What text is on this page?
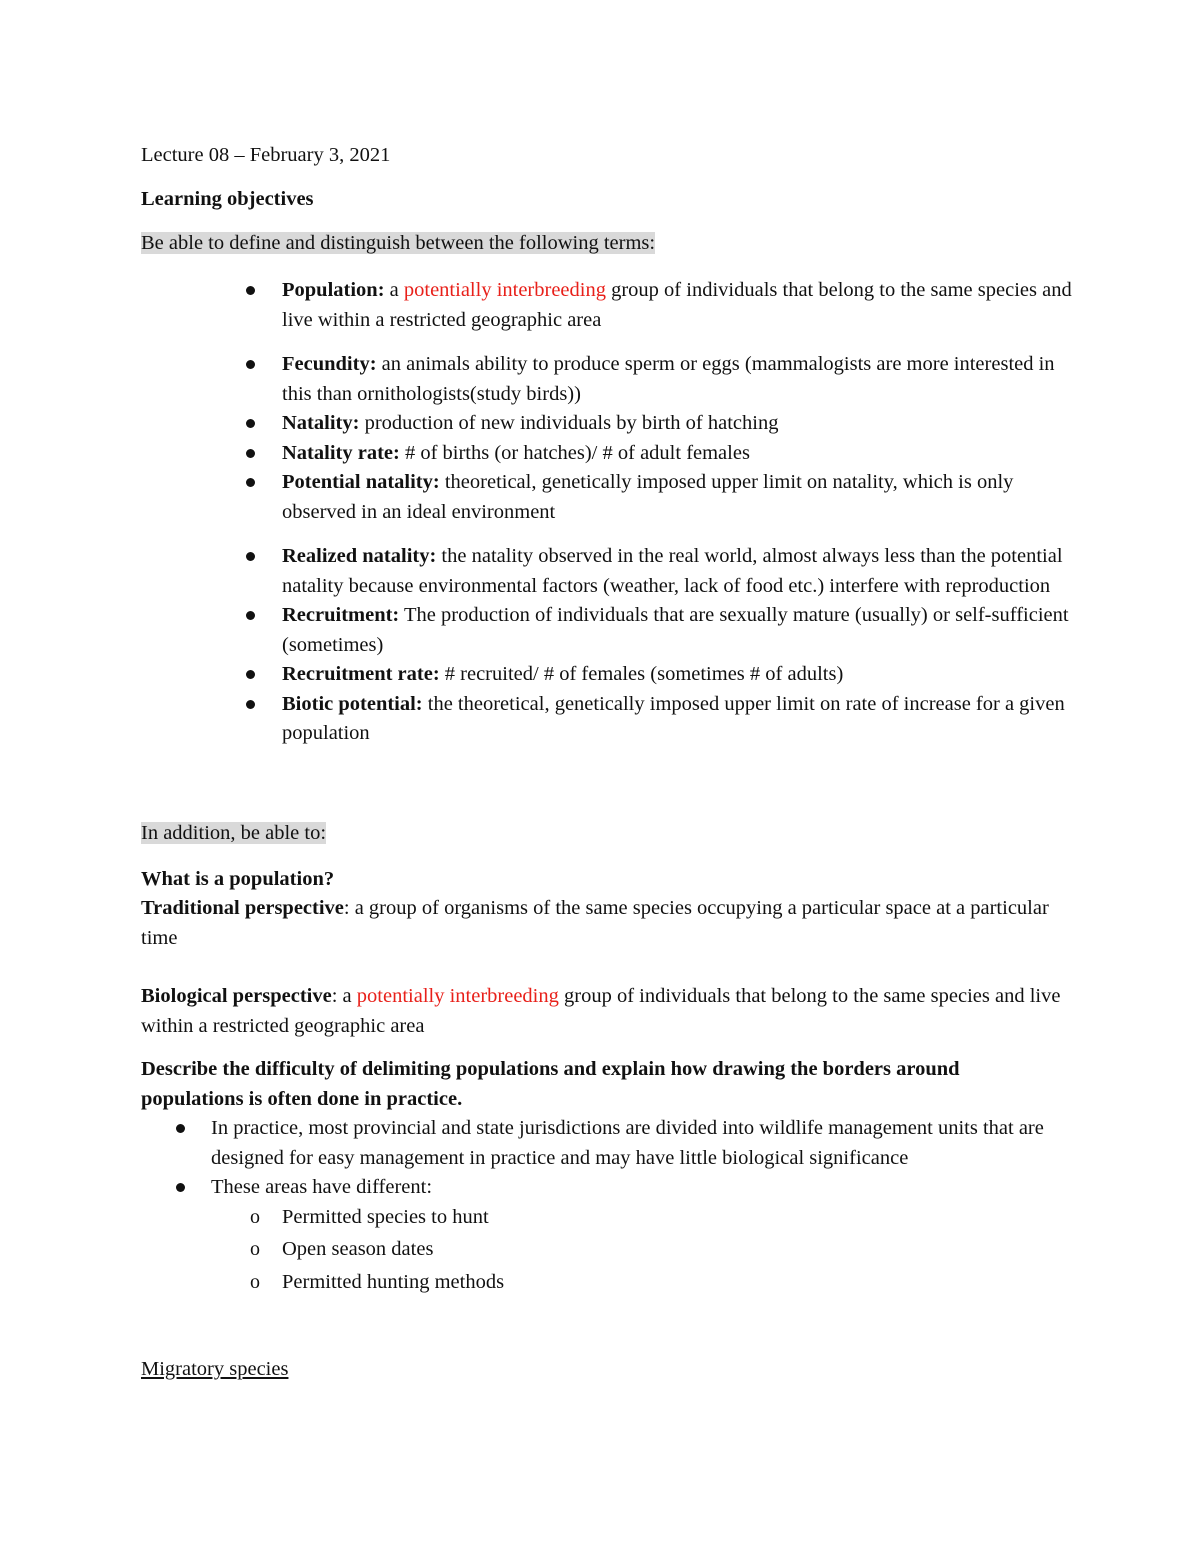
Lecture 08 – February 3, 2021

Learning objectives

Be able to define and distinguish between the following terms:

Population: a potentially interbreeding group of individuals that belong to the same species and live within a restricted geographic area
Fecundity: an animals ability to produce sperm or eggs (mammalogists are more interested in this than ornithologists(study birds))
Natality: production of new individuals by birth of hatching
Natality rate: # of births (or hatches)/ # of adult females
Potential natality: theoretical, genetically imposed upper limit on natality, which is only observed in an ideal environment
Realized natality: the natality observed in the real world, almost always less than the potential natality because environmental factors (weather, lack of food etc.) interfere with reproduction
Recruitment: The production of individuals that are sexually mature (usually) or self-sufficient (sometimes)
Recruitment rate: # recruited/ # of females (sometimes # of adults)
Biotic potential: the theoretical, genetically imposed upper limit on rate of increase for a given population

In addition, be able to:

What is a population?

Traditional perspective: a group of organisms of the same species occupying a particular space at a particular time

Biological perspective: a potentially interbreeding group of individuals that belong to the same species and live within a restricted geographic area

Describe the difficulty of delimiting populations and explain how drawing the borders around populations is often done in practice.

In practice, most provincial and state jurisdictions are divided into wildlife management units that are designed for easy management in practice and may have little biological significance
These areas have different:
o Permitted species to hunt
o Open season dates
o Permitted hunting methods

Migratory species
